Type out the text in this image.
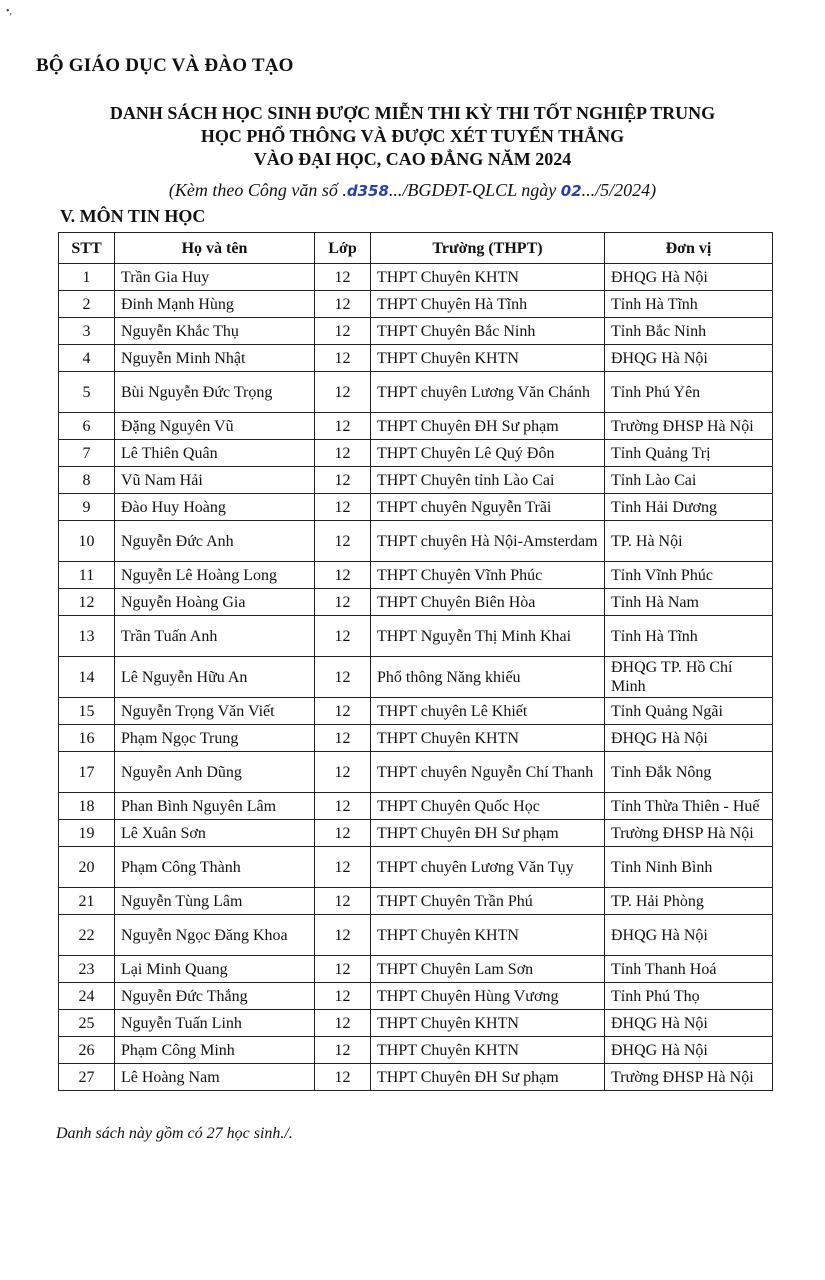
•,
BỘ GIÁO DỤC VÀ ĐÀO TẠO
DANH SÁCH HỌC SINH ĐƯỢC MIỄN THI KỲ THI TỐT NGHIỆP TRUNG
HỌC PHỔ THÔNG VÀ ĐƯỢC XÉT TUYỂN THẲNG
VÀO ĐẠI HỌC, CAO ĐẲNG NĂM 2024
(Kèm theo Công văn số .d358.../BGDĐT-QLCL ngày 02.../5/2024)
V. MÔN TIN HỌC
STT	Họ và tên	Lớp	Trường (THPT)	Đơn vị
1	Trần Gia Huy	12	THPT Chuyên KHTN	ĐHQG Hà Nội
2	Đinh Mạnh Hùng	12	THPT Chuyên Hà Tĩnh	Tỉnh Hà Tĩnh
3	Nguyễn Khắc Thụ	12	THPT Chuyên Bắc Ninh	Tỉnh Bắc Ninh
4	Nguyễn Minh Nhật	12	THPT Chuyên KHTN	ĐHQG Hà Nội
5	Bùi Nguyễn Đức Trọng	12	THPT chuyên Lương Văn Chánh	Tỉnh Phú Yên
6	Đặng Nguyên Vũ	12	THPT Chuyên ĐH Sư phạm	Trường ĐHSP Hà Nội
7	Lê Thiên Quân	12	THPT Chuyên Lê Quý Đôn	Tỉnh Quảng Trị
8	Vũ Nam Hải	12	THPT Chuyên tỉnh Lào Cai	Tỉnh Lào Cai
9	Đào Huy Hoàng	12	THPT chuyên Nguyễn Trãi	Tỉnh Hải Dương
10	Nguyễn Đức Anh	12	THPT chuyên Hà Nội-Amsterdam	TP. Hà Nội
11	Nguyễn Lê Hoàng Long	12	THPT Chuyên Vĩnh Phúc	Tỉnh Vĩnh Phúc
12	Nguyễn Hoàng Gia	12	THPT Chuyên Biên Hòa	Tỉnh Hà Nam
13	Trần Tuấn Anh	12	THPT Nguyễn Thị Minh Khai	Tỉnh Hà Tĩnh
14	Lê Nguyễn Hữu An	12	Phổ thông Năng khiếu	ĐHQG TP. Hồ Chí Minh
15	Nguyễn Trọng Văn Viết	12	THPT chuyên Lê Khiết	Tỉnh Quảng Ngãi
16	Phạm Ngọc Trung	12	THPT Chuyên KHTN	ĐHQG Hà Nội
17	Nguyễn Anh Dũng	12	THPT chuyên Nguyễn Chí Thanh	Tỉnh Đắk Nông
18	Phan Bình Nguyên Lâm	12	THPT Chuyên Quốc Học	Tỉnh Thừa Thiên - Huế
19	Lê Xuân Sơn	12	THPT Chuyên ĐH Sư phạm	Trường ĐHSP Hà Nội
20	Phạm Công Thành	12	THPT chuyên Lương Văn Tụy	Tỉnh Ninh Bình
21	Nguyễn Tùng Lâm	12	THPT Chuyên Trần Phú	TP. Hải Phòng
22	Nguyễn Ngọc Đăng Khoa	12	THPT Chuyên KHTN	ĐHQG Hà Nội
23	Lại Minh Quang	12	THPT Chuyên Lam Sơn	Tỉnh Thanh Hoá
24	Nguyễn Đức Thắng	12	THPT Chuyên Hùng Vương	Tỉnh Phú Thọ
25	Nguyễn Tuấn Linh	12	THPT Chuyên KHTN	ĐHQG Hà Nội
26	Phạm Công Minh	12	THPT Chuyên KHTN	ĐHQG Hà Nội
27	Lê Hoàng Nam	12	THPT Chuyên ĐH Sư phạm	Trường ĐHSP Hà Nội
Danh sách này gồm có 27 học sinh./.
